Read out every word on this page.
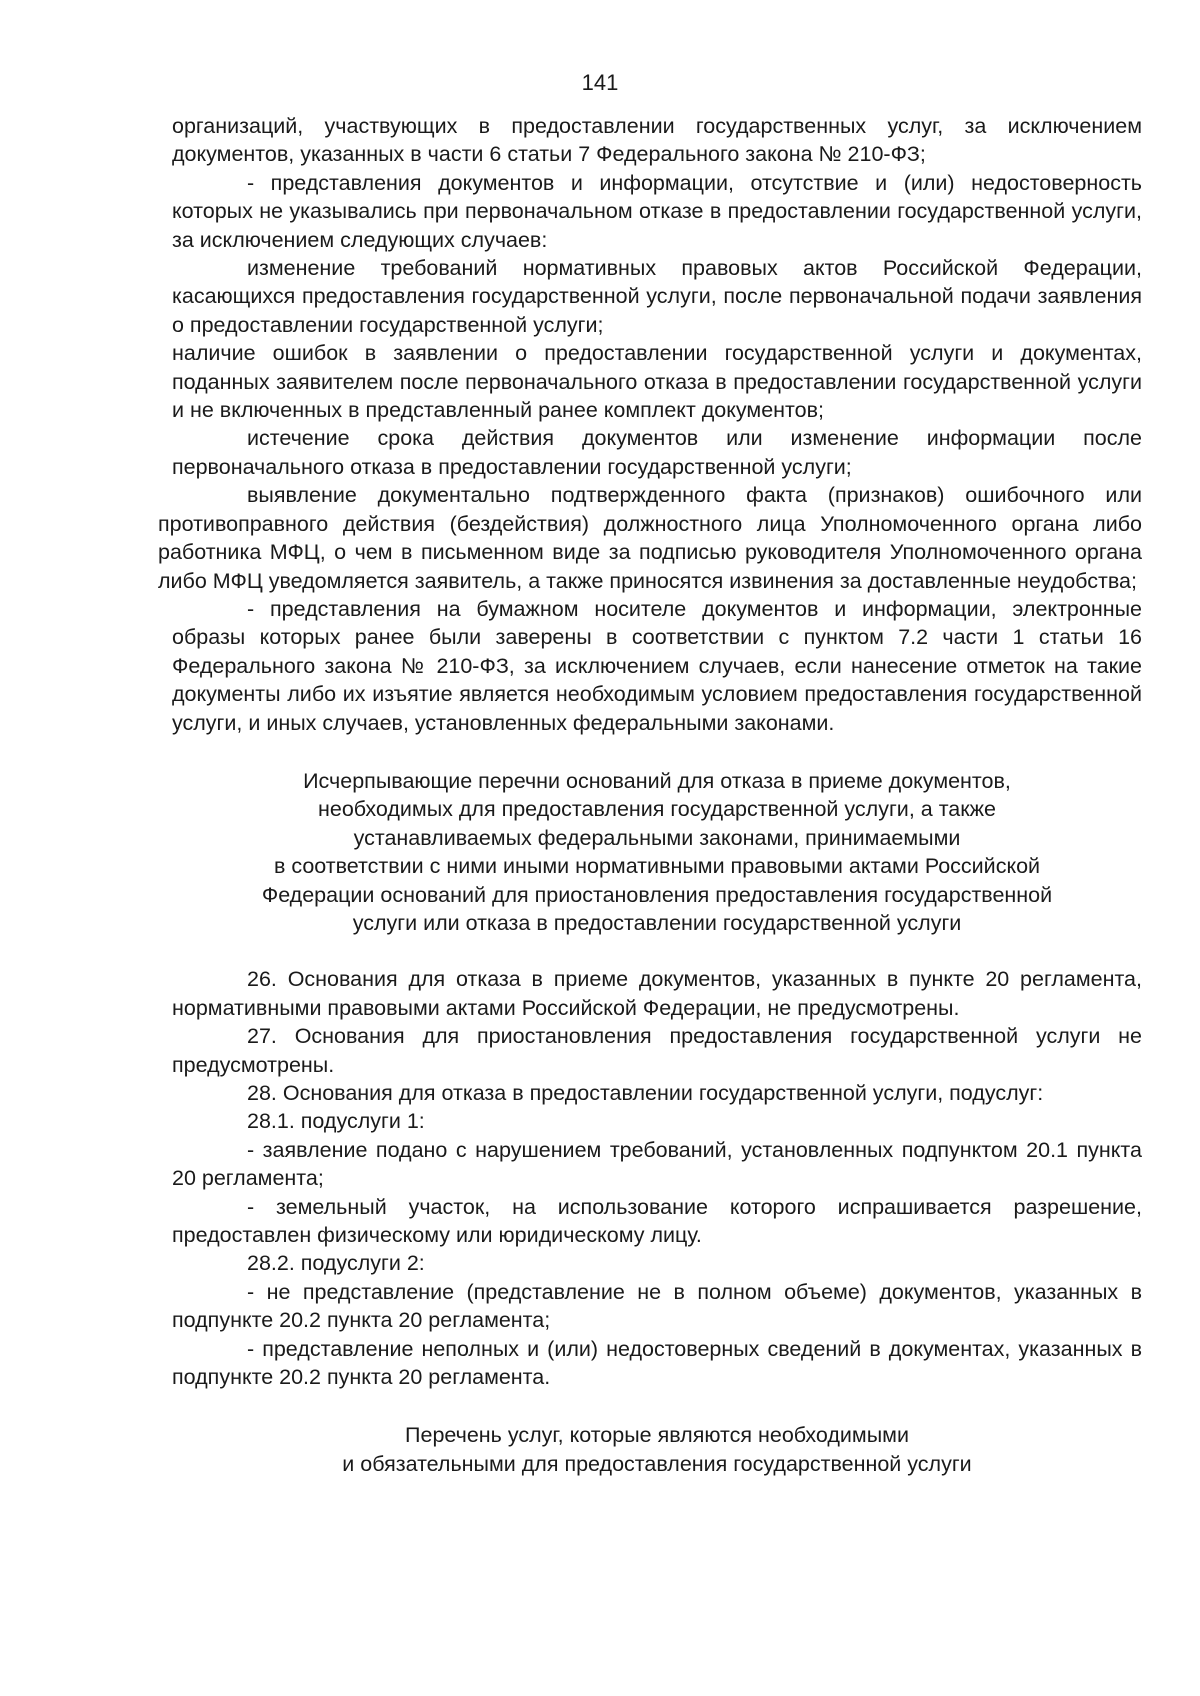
141

организаций, участвующих в предоставлении государственных услуг, за исключением документов, указанных в части 6 статьи 7 Федерального закона № 210-ФЗ;

- представления документов и информации, отсутствие и (или) недостоверность которых не указывались при первоначальном отказе в предоставлении государственной услуги, за исключением следующих случаев:

изменение требований нормативных правовых актов Российской Федерации, касающихся предоставления государственной услуги, после первоначальной подачи заявления о предоставлении государственной услуги;

наличие ошибок в заявлении о предоставлении государственной услуги и документах, поданных заявителем после первоначального отказа в предоставлении государственной услуги и не включенных в представленный ранее комплект документов;

истечение срока действия документов или изменение информации после первоначального отказа в предоставлении государственной услуги;

выявление документально подтвержденного факта (признаков) ошибочного или противоправного действия (бездействия) должностного лица Уполномоченного органа либо работника МФЦ, о чем в письменном виде за подписью руководителя Уполномоченного органа либо МФЦ уведомляется заявитель, а также приносятся извинения за доставленные неудобства;

- представления на бумажном носителе документов и информации, электронные образы которых ранее были заверены в соответствии с пунктом 7.2 части 1 статьи 16 Федерального закона № 210-ФЗ, за исключением случаев, если нанесение отметок на такие документы либо их изъятие является необходимым условием предоставления государственной услуги, и иных случаев, установленных федеральными законами.

Исчерпывающие перечни оснований для отказа в приеме документов,
необходимых для предоставления государственной услуги, а также
устанавливаемых федеральными законами, принимаемыми
в соответствии с ними иными нормативными правовыми актами Российской
Федерации оснований для приостановления предоставления государственной
услуги или отказа в предоставлении государственной услуги

26. Основания для отказа в приеме документов, указанных в пункте 20 регламента, нормативными правовыми актами Российской Федерации, не предусмотрены.

27. Основания для приостановления предоставления государственной услуги не предусмотрены.

28. Основания для отказа в предоставлении государственной услуги, подуслуг:

28.1. подуслуги 1:

- заявление подано с нарушением требований, установленных подпунктом 20.1 пункта 20 регламента;

- земельный участок, на использование которого испрашивается разрешение, предоставлен физическому или юридическому лицу.

28.2. подуслуги 2:

- не представление (представление не в полном объеме) документов, указанных в подпункте 20.2 пункта 20 регламента;

- представление неполных и (или) недостоверных сведений в документах, указанных в подпункте 20.2 пункта 20 регламента.

Перечень услуг, которые являются необходимыми
и обязательными для предоставления государственной услуги
